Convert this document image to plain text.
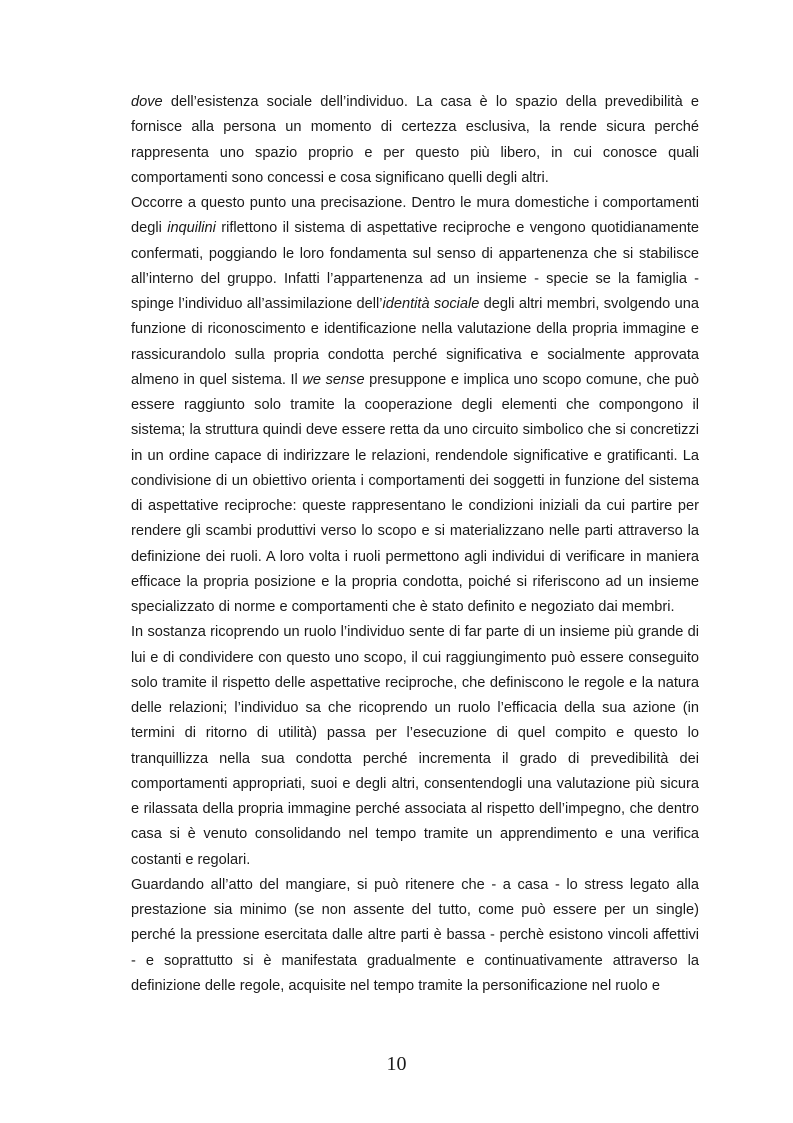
dove dell’esistenza sociale dell’individuo. La casa è lo spazio della prevedibilità e fornisce alla persona un momento di certezza esclusiva, la rende sicura perché rappresenta uno spazio proprio e per questo più libero, in cui conosce quali comportamenti sono concessi e cosa significano quelli degli altri.

Occorre a questo punto una precisazione. Dentro le mura domestiche i comportamenti degli inquilini riflettono il sistema di aspettative reciproche e vengono quotidianamente confermati, poggiando le loro fondamenta sul senso di appartenenza che si stabilisce all’interno del gruppo. Infatti l’appartenenza ad un insieme - specie se la famiglia - spinge l’individuo all’assimilazione dell’identità sociale degli altri membri, svolgendo una funzione di riconoscimento e identificazione nella valutazione della propria immagine e rassicurandolo sulla propria condotta perché significativa e socialmente approvata almeno in quel sistema. Il we sense presuppone e implica uno scopo comune, che può essere raggiunto solo tramite la cooperazione degli elementi che compongono il sistema; la struttura quindi deve essere retta da uno circuito simbolico che si concretizzi in un ordine capace di indirizzare le relazioni, rendendole significative e gratificanti. La condivisione di un obiettivo orienta i comportamenti dei soggetti in funzione del sistema di aspettative reciproche: queste rappresentano le condizioni iniziali da cui partire per rendere gli scambi produttivi verso lo scopo e si materializzano nelle parti attraverso la definizione dei ruoli. A loro volta i ruoli permettono agli individui di verificare in maniera efficace la propria posizione e la propria condotta, poiché si riferiscono ad un insieme specializzato di norme e comportamenti che è stato definito e negoziato dai membri.

In sostanza ricoprendo un ruolo l’individuo sente di far parte di un insieme più grande di lui e di condividere con questo uno scopo, il cui raggiungimento può essere conseguito solo tramite il rispetto delle aspettative reciproche, che definiscono le regole e la natura delle relazioni; l’individuo sa che ricoprendo un ruolo l’efficacia della sua azione (in termini di ritorno di utilità) passa per l’esecuzione di quel compito e questo lo tranquillizza nella sua condotta perché incrementa il grado di prevedibilità dei comportamenti appropriati, suoi e degli altri, consentendogli una valutazione più sicura e rilassata della propria immagine perché associata al rispetto dell’impegno, che dentro casa si è venuto consolidando nel tempo tramite un apprendimento e una verifica costanti e regolari.

Guardando all’atto del mangiare, si può ritenere che - a casa - lo stress legato alla prestazione sia minimo (se non assente del tutto, come può essere per un single) perché la pressione esercitata dalle altre parti è bassa - perchè esistono vincoli affettivi - e soprattutto si è manifestata gradualmente e continuativamente attraverso la definizione delle regole, acquisite nel tempo tramite la personificazione nel ruolo e

10
